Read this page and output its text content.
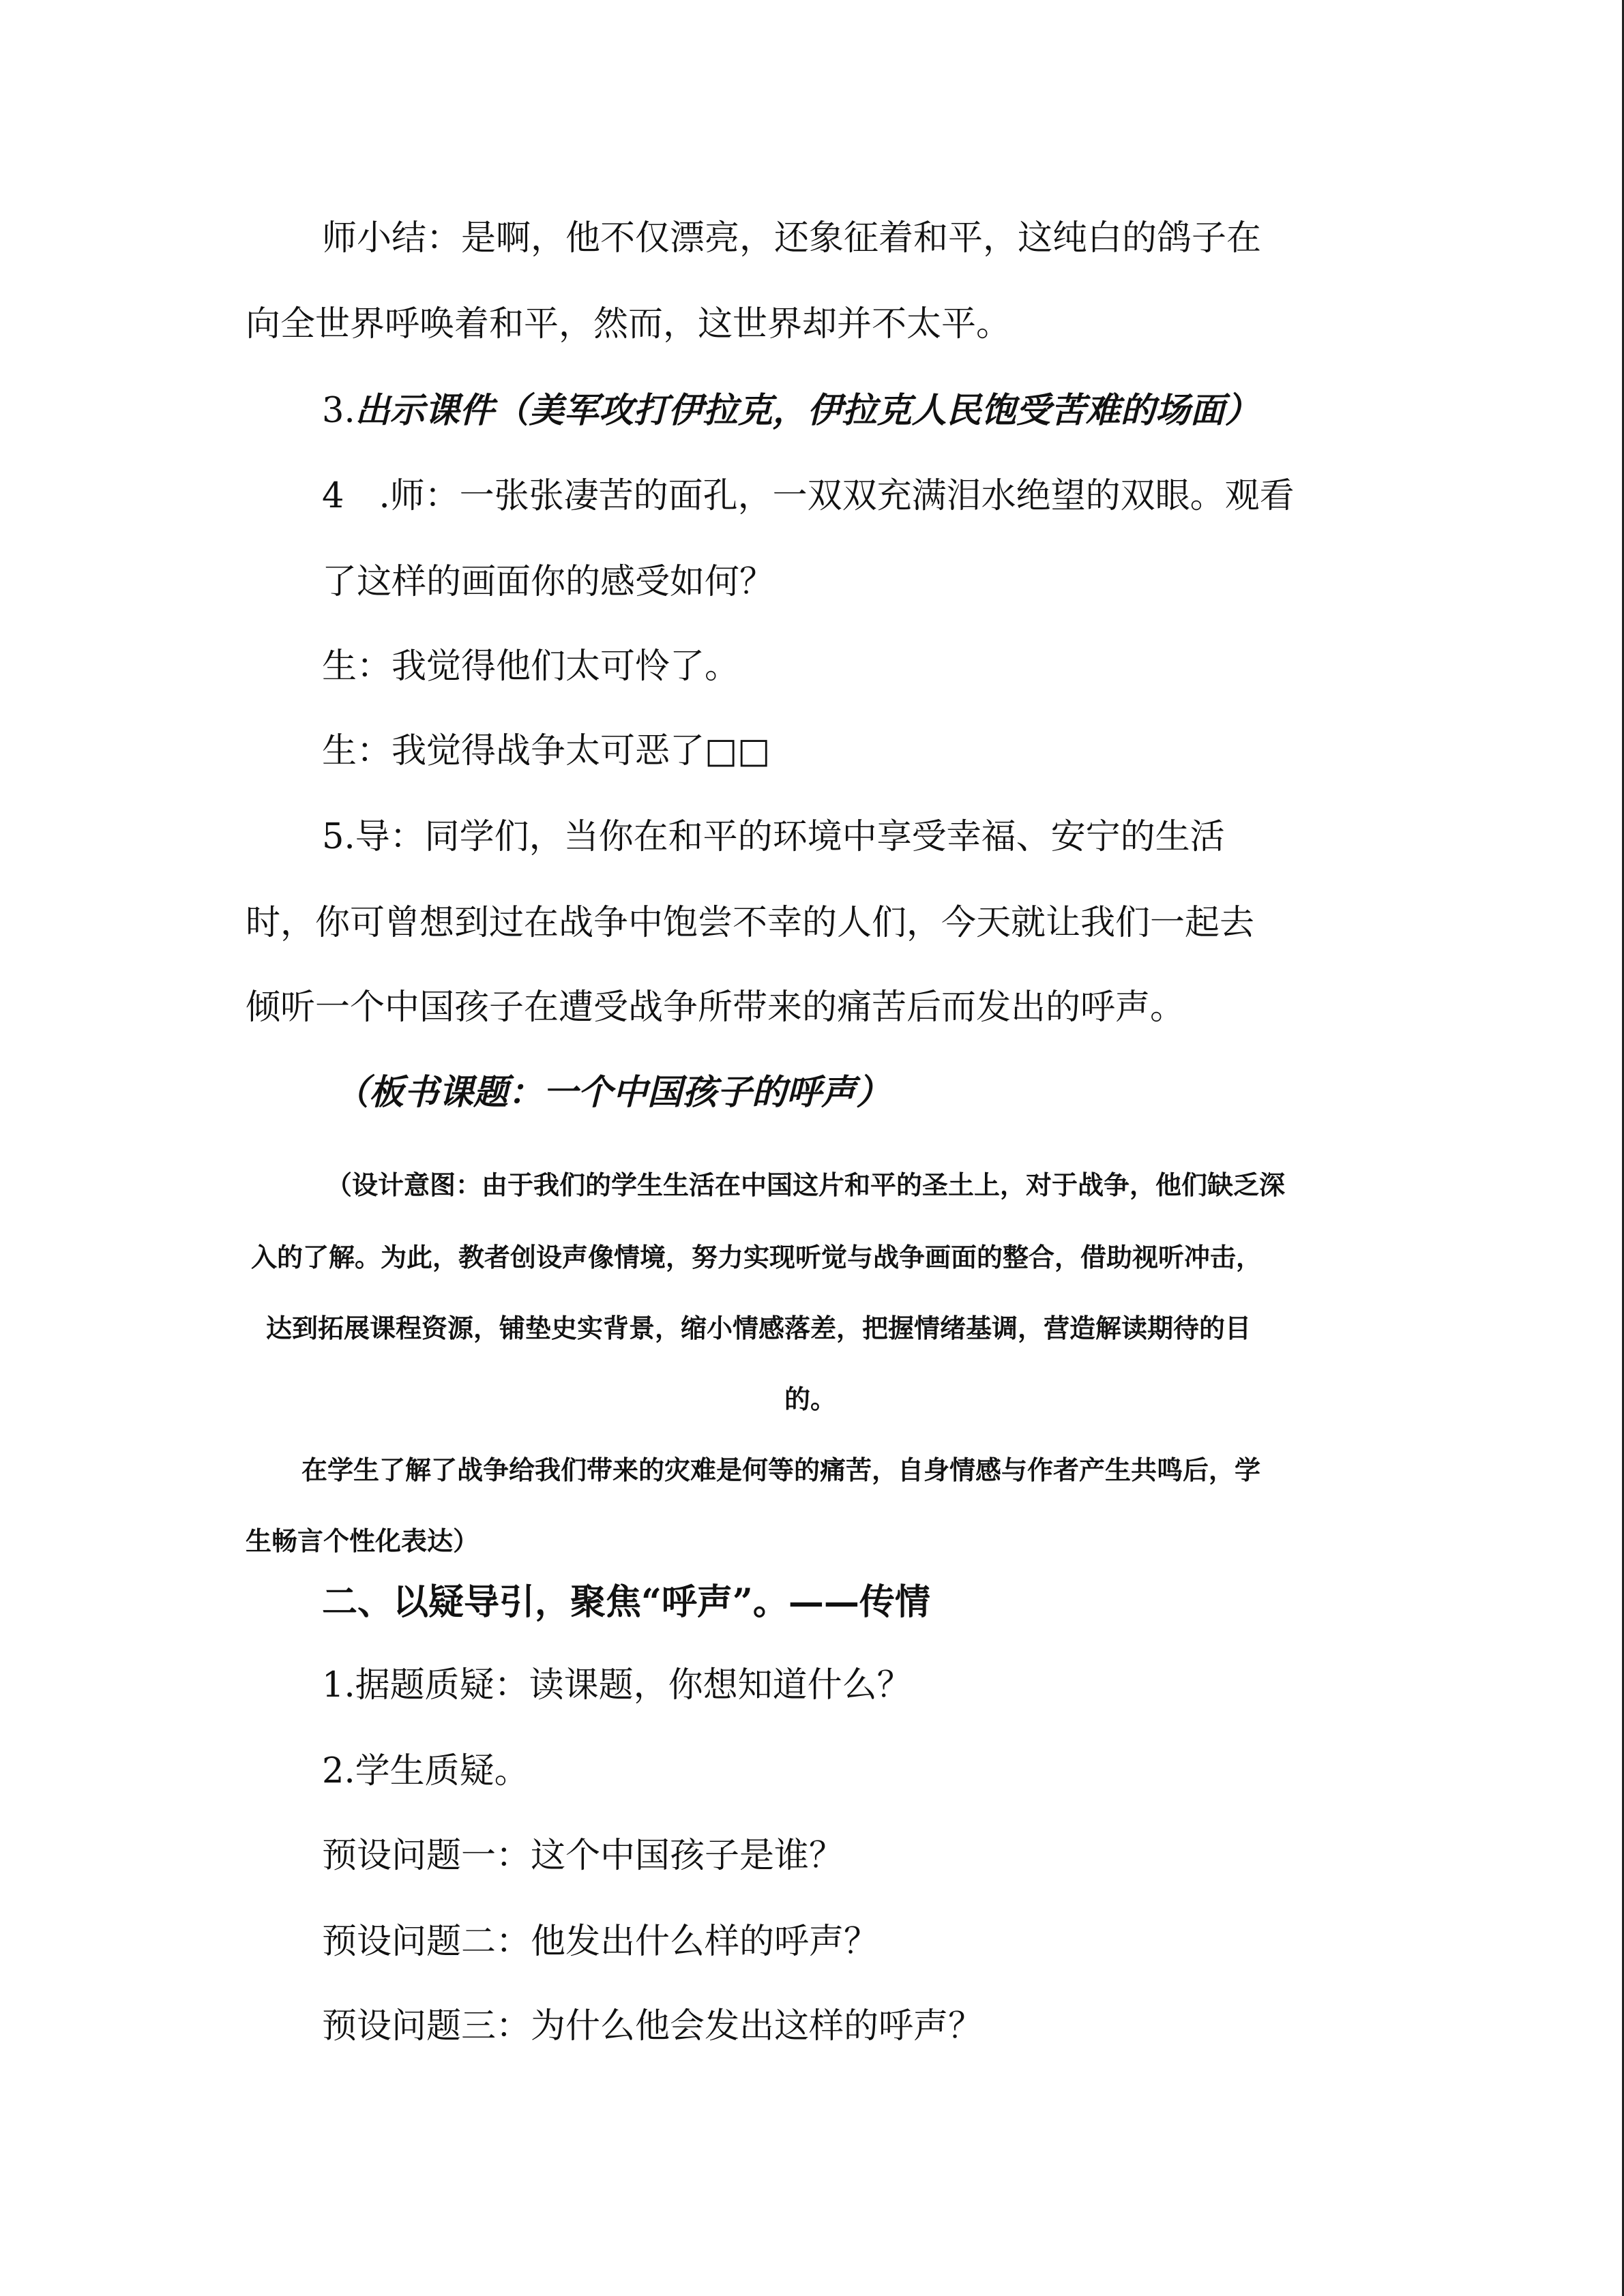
师小结：是啊，他不仅漂亮，还象征着和平，这纯白的鸽子在
向全世界呼唤着和平，然而，这世界却并不太平。
3.出示课件（美军攻打伊拉克，伊拉克人民饱受苦难的场面）
4　.师：一张张凄苦的面孔，一双双充满泪水绝望的双眼。观看
了这样的画面你的感受如何？
生：我觉得他们太可怜了。
生：我觉得战争太可恶了□□
5.导：同学们，当你在和平的环境中享受幸福、安宁的生活
时，你可曾想到过在战争中饱尝不幸的人们，今天就让我们一起去
倾听一个中国孩子在遭受战争所带来的痛苦后而发出的呼声。
（板书课题：一个中国孩子的呼声）
（设计意图：由于我们的学生生活在中国这片和平的圣土上，对于战争，他们缺乏深
入的了解。为此，教者创设声像情境，努力实现听觉与战争画面的整合，借助视听冲击，
达到拓展课程资源，铺垫史实背景，缩小情感落差，把握情绪基调，营造解读期待的目
的。
在学生了解了战争给我们带来的灾难是何等的痛苦，自身情感与作者产生共鸣后，学
生畅言个性化表达）
二、以疑导引，聚焦“呼声”。——传情
1.据题质疑：读课题，你想知道什么？
2.学生质疑。
预设问题一：这个中国孩子是谁？
预设问题二：他发出什么样的呼声？
预设问题三：为什么他会发出这样的呼声？
